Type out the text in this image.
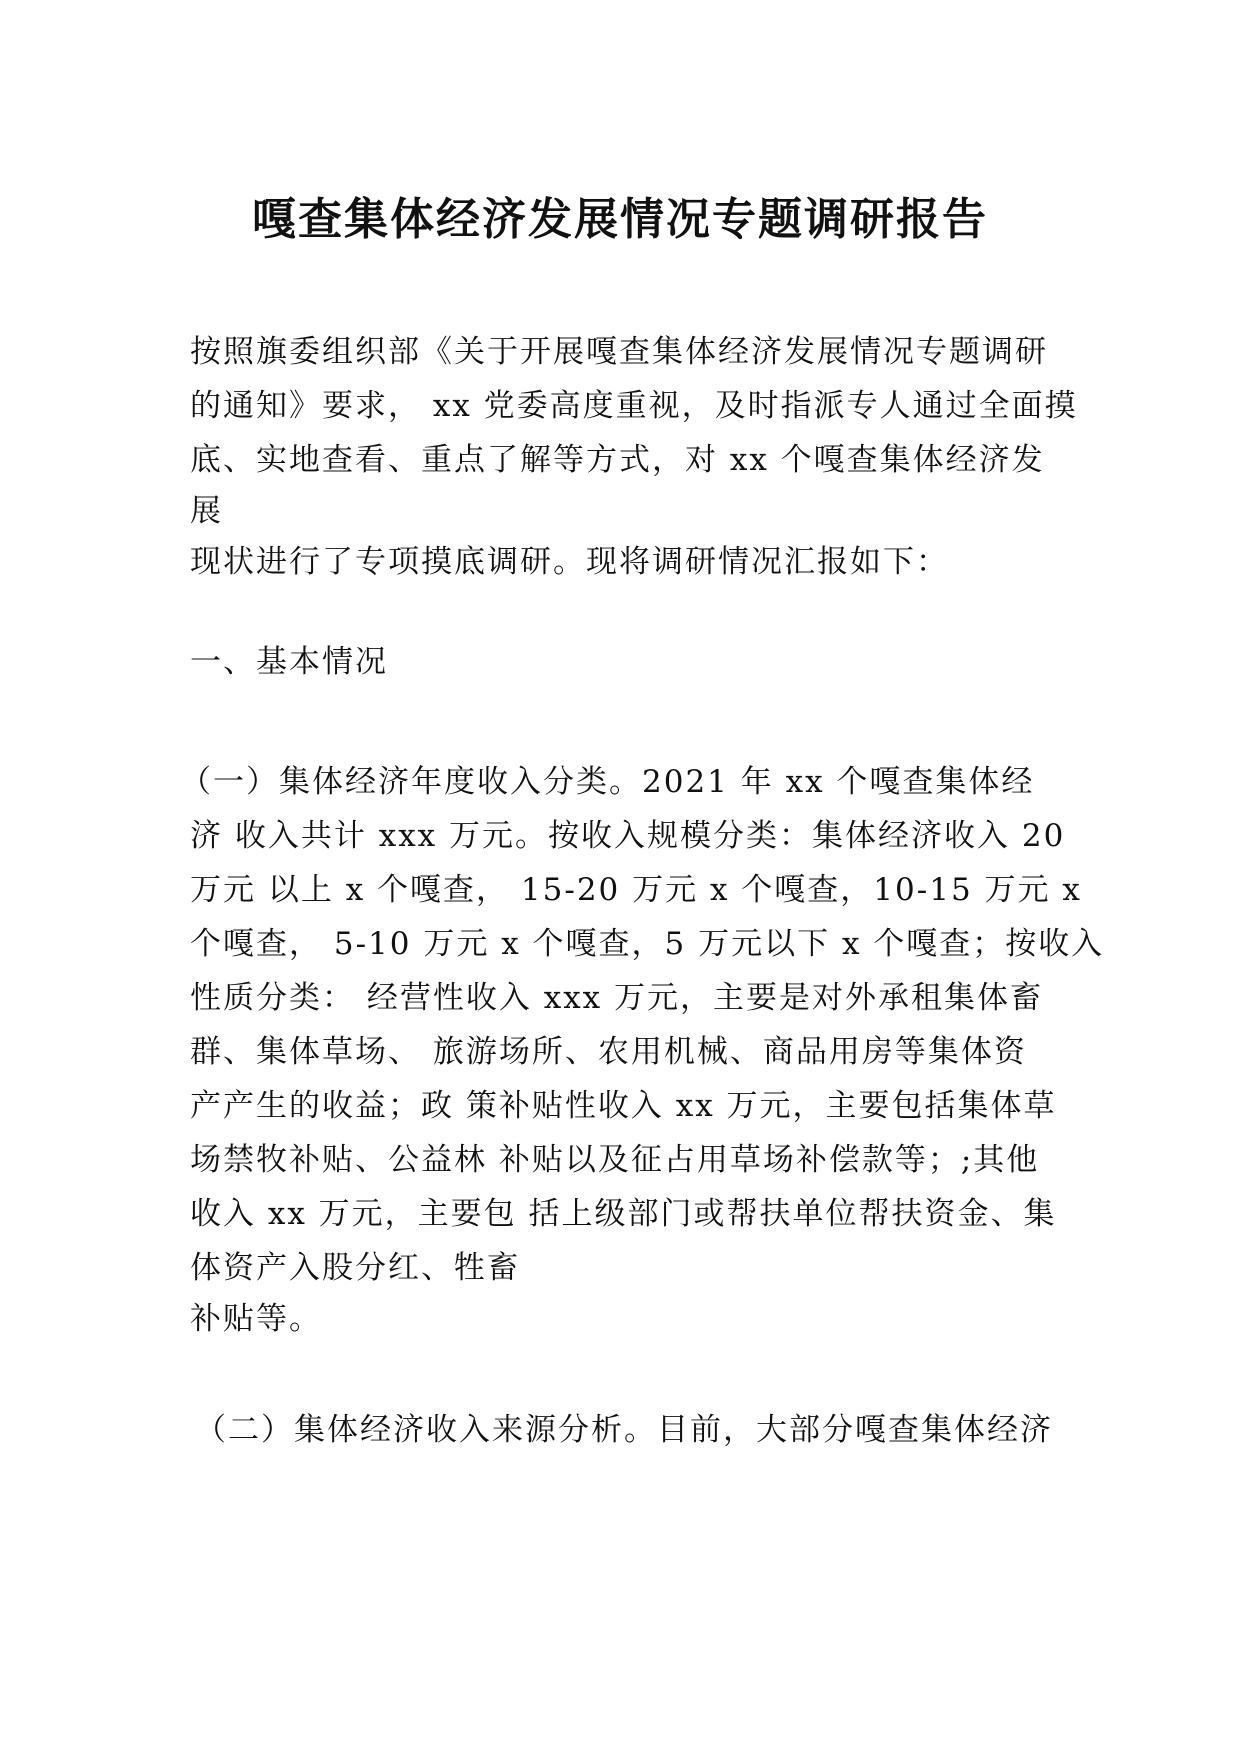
嘎查集体经济发展情况专题调研报告
按照旗委组织部《关于开展嘎查集体经济发展情况专题调研
的通知》要求， xx 党委高度重视，及时指派专人通过全面摸
底、实地查看、重点了解等方式，对 xx 个嘎查集体经济发
展
现状进行了专项摸底调研。现将调研情况汇报如下：
一、基本情况
（一）集体经济年度收入分类。2021 年 xx 个嘎查集体经
济 收入共计 xxx 万元。按收入规模分类：集体经济收入 20
万元 以上 x 个嘎查， 15-20 万元 x 个嘎查，10-15 万元 x
个嘎查， 5-10 万元 x 个嘎查，5 万元以下 x 个嘎查；按收入
性质分类： 经营性收入 xxx 万元，主要是对外承租集体畜
群、集体草场、 旅游场所、农用机械、商品用房等集体资
产产生的收益；政 策补贴性收入 xx 万元，主要包括集体草
场禁牧补贴、公益林 补贴以及征占用草场补偿款等；;其他
收入 xx 万元，主要包 括上级部门或帮扶单位帮扶资金、集
体资产入股分红、牲畜
补贴等。
（二）集体经济收入来源分析。目前，大部分嘎查集体经济
